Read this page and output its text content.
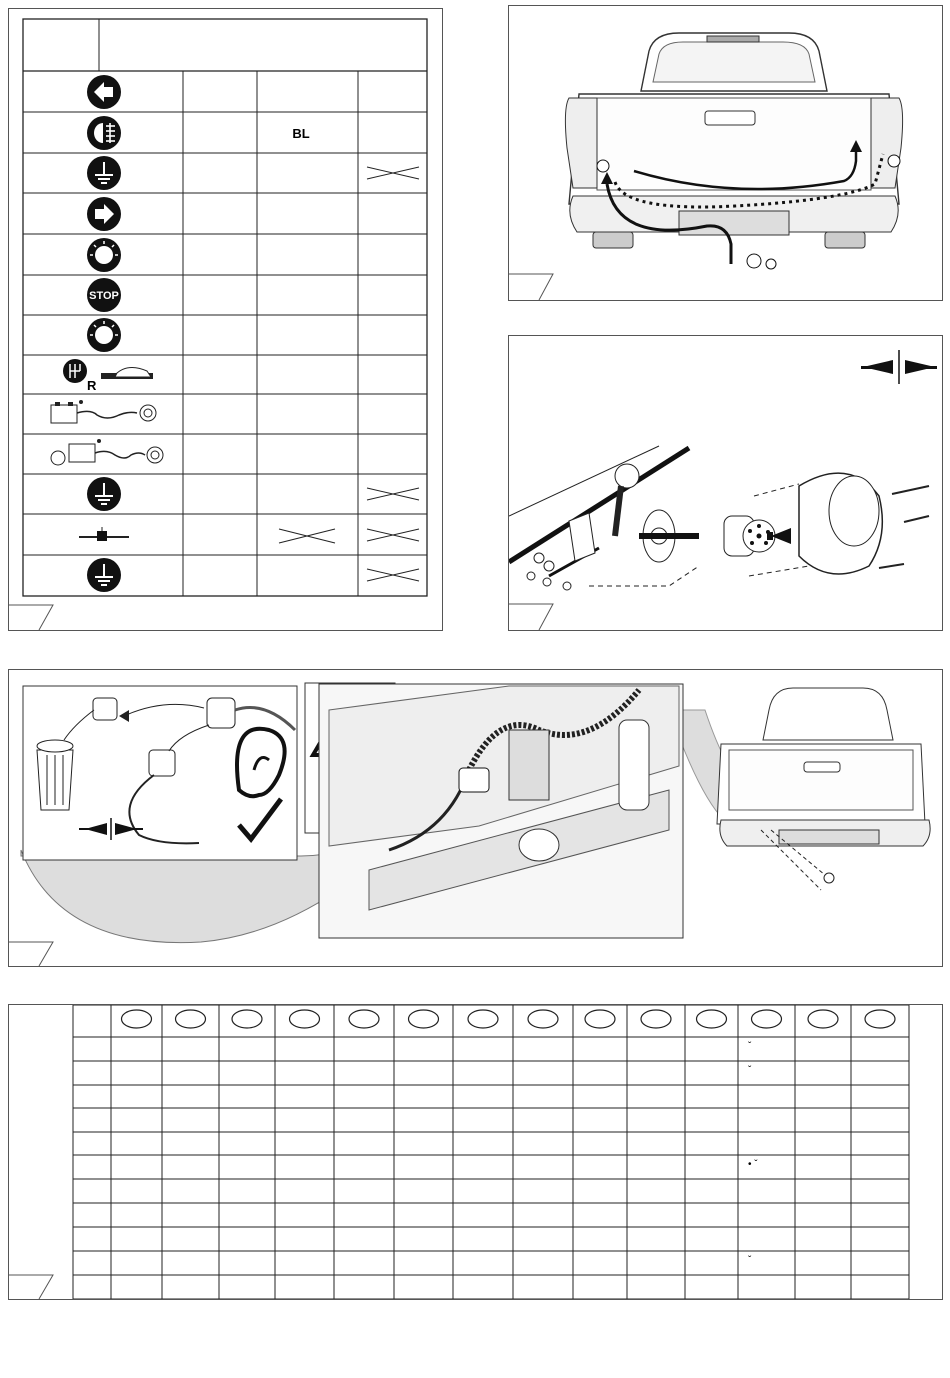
BL
STOP
R
ˇ
ˇ
• ˇ
ˇ
